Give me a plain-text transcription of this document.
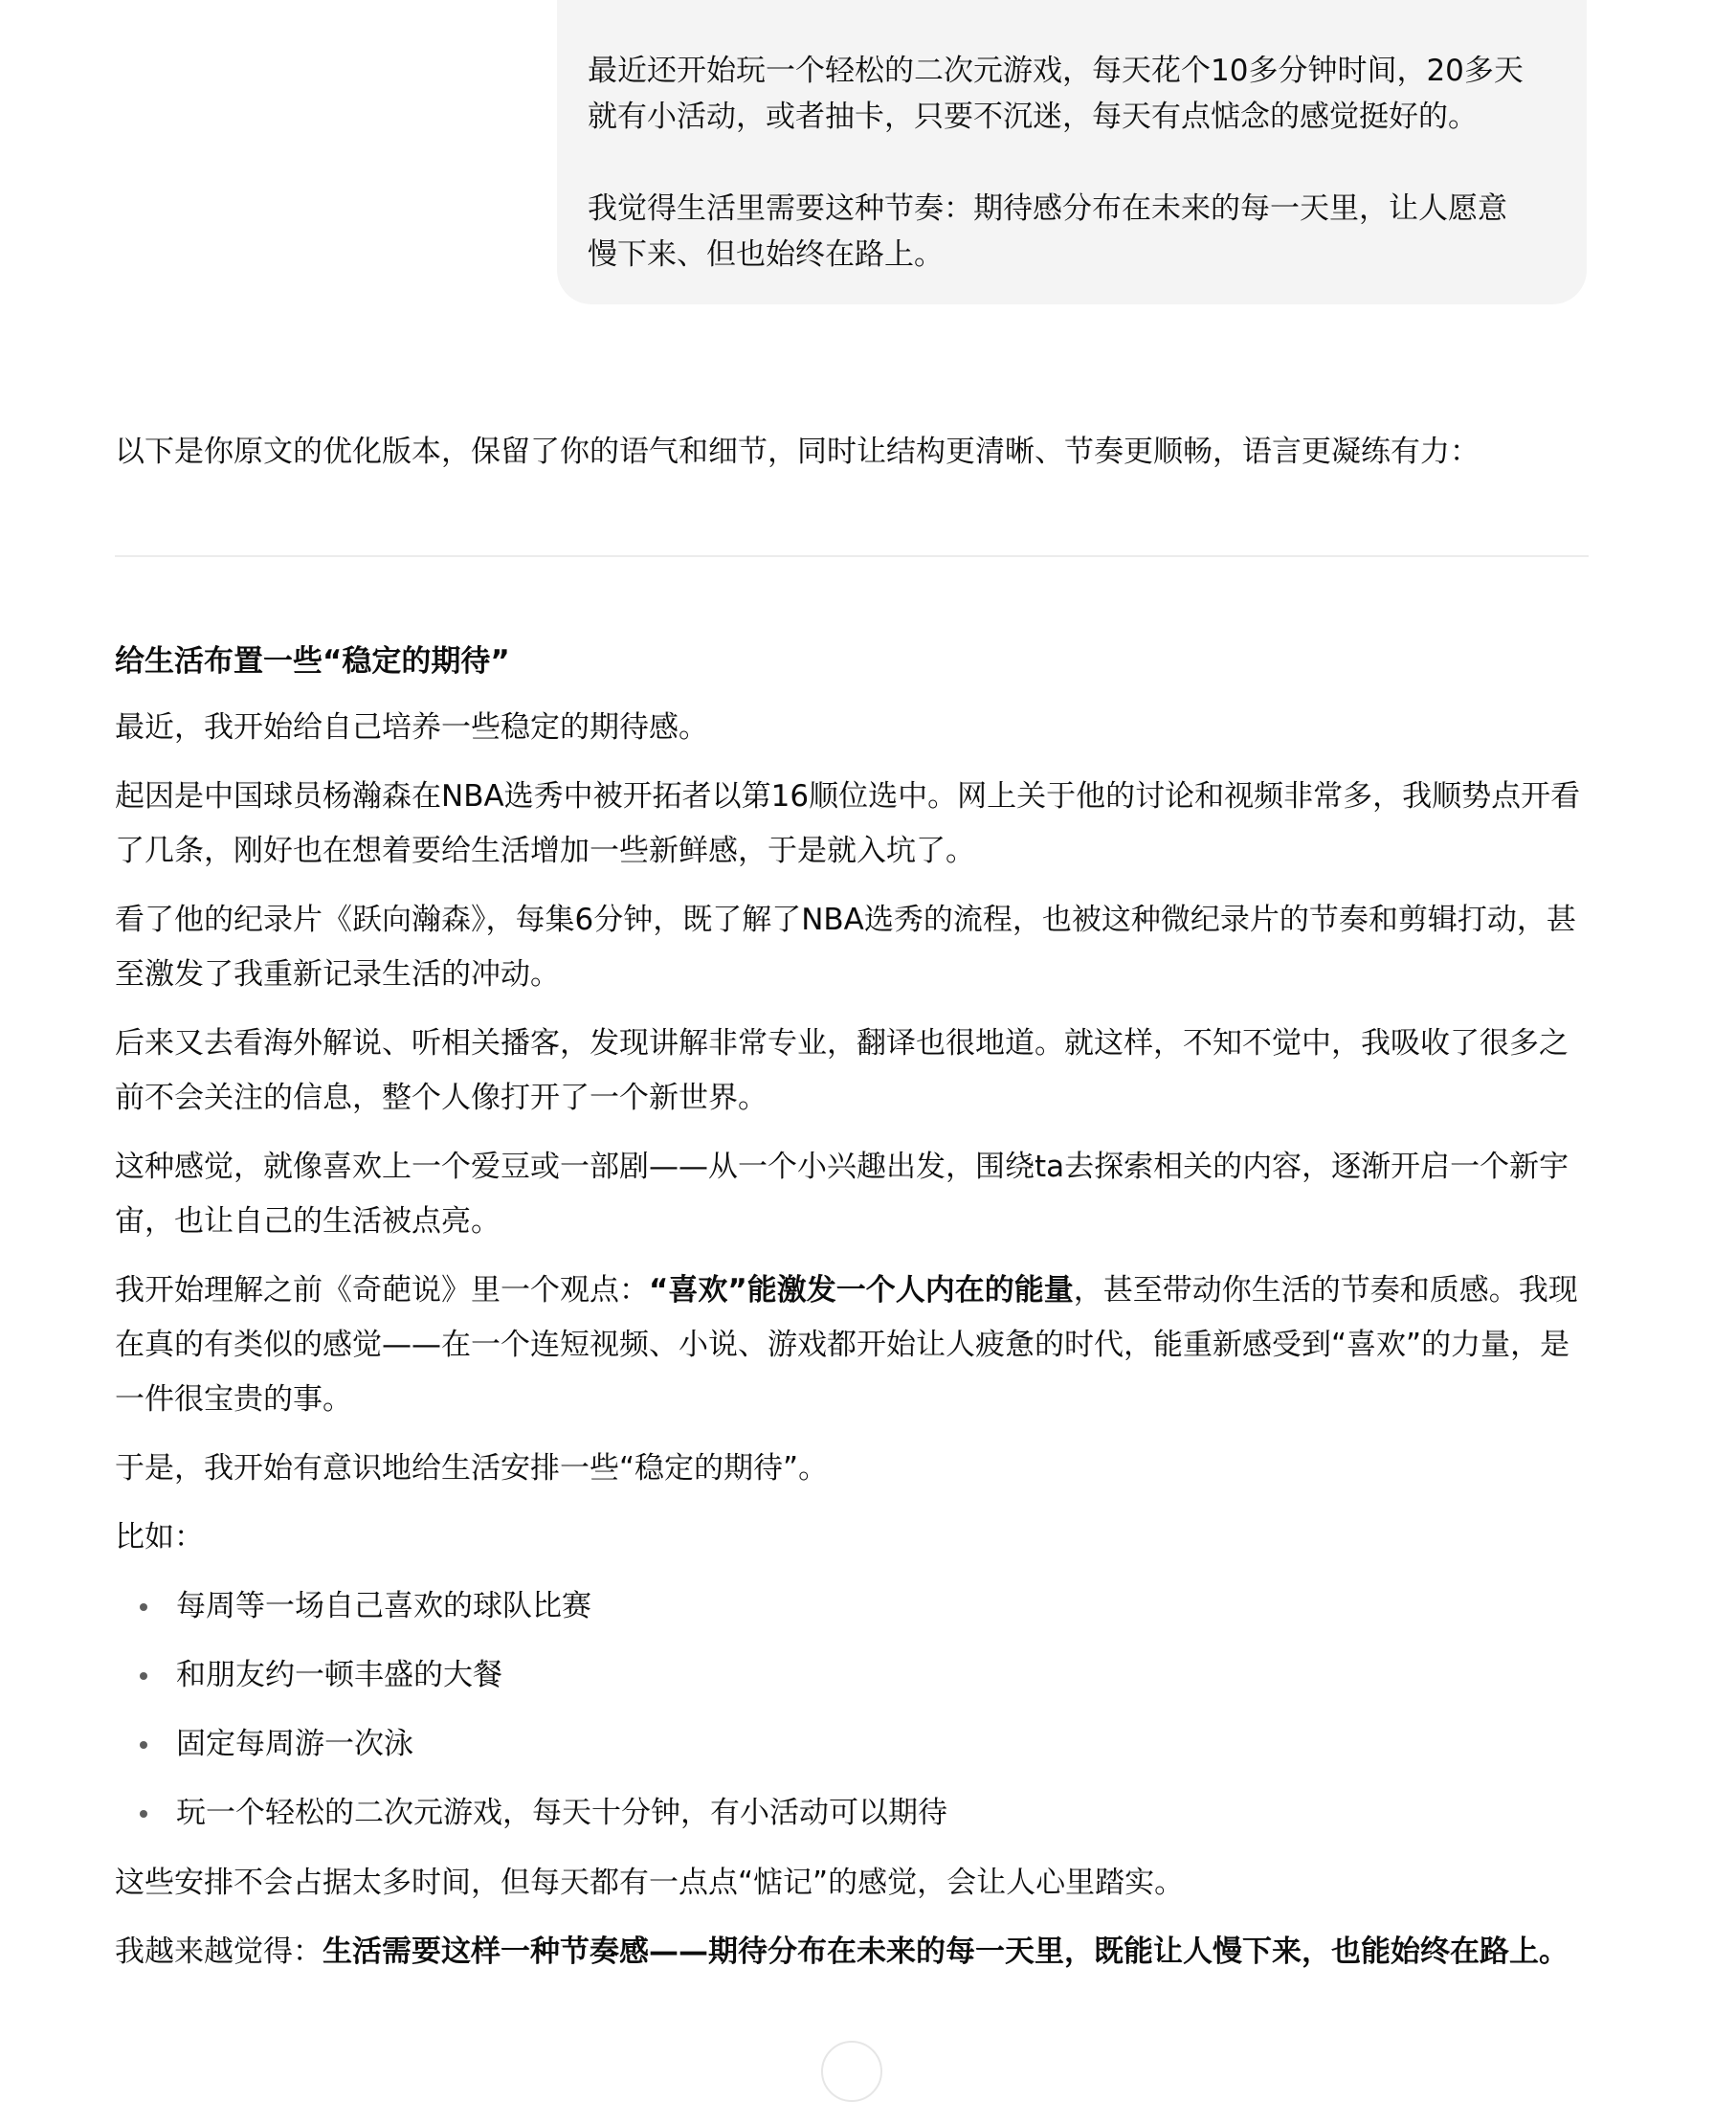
最近还开始玩一个轻松的二次元游戏，每天花个10多分钟时间，20多天就有小活动，或者抽卡，只要不沉迷，每天有点惦念的感觉挺好的。

我觉得生活里需要这种节奏：期待感分布在未来的每一天里，让人愿意慢下来、但也始终在路上。

以下是你原文的优化版本，保留了你的语气和细节，同时让结构更清晰、节奏更顺畅，语言更凝练有力：

给生活布置一些“稳定的期待”

最近，我开始给自己培养一些稳定的期待感。

起因是中国球员杨瀚森在NBA选秀中被开拓者以第16顺位选中。网上关于他的讨论和视频非常多，我顺势点开看了几条，刚好也在想着要给生活增加一些新鲜感，于是就入坑了。

看了他的纪录片《跃向瀚森》，每集6分钟，既了解了NBA选秀的流程，也被这种微纪录片的节奏和剪辑打动，甚至激发了我重新记录生活的冲动。

后来又去看海外解说、听相关播客，发现讲解非常专业，翻译也很地道。就这样，不知不觉中，我吸收了很多之前不会关注的信息，整个人像打开了一个新世界。

这种感觉，就像喜欢上一个爱豆或一部剧——从一个小兴趣出发，围绕ta去探索相关的内容，逐渐开启一个新宇宙，也让自己的生活被点亮。

我开始理解之前《奇葩说》里一个观点：“喜欢”能激发一个人内在的能量，甚至带动你生活的节奏和质感。我现在真的有类似的感觉——在一个连短视频、小说、游戏都开始让人疲惫的时代，能重新感受到“喜欢”的力量，是一件很宝贵的事。

于是，我开始有意识地给生活安排一些“稳定的期待”。

比如：

每周等一场自己喜欢的球队比赛
和朋友约一顿丰盛的大餐
固定每周游一次泳
玩一个轻松的二次元游戏，每天十分钟，有小活动可以期待

这些安排不会占据太多时间，但每天都有一点点“惦记”的感觉，会让人心里踏实。

我越来越觉得：生活需要这样一种节奏感——期待分布在未来的每一天里，既能让人慢下来，也能始终在路上。
